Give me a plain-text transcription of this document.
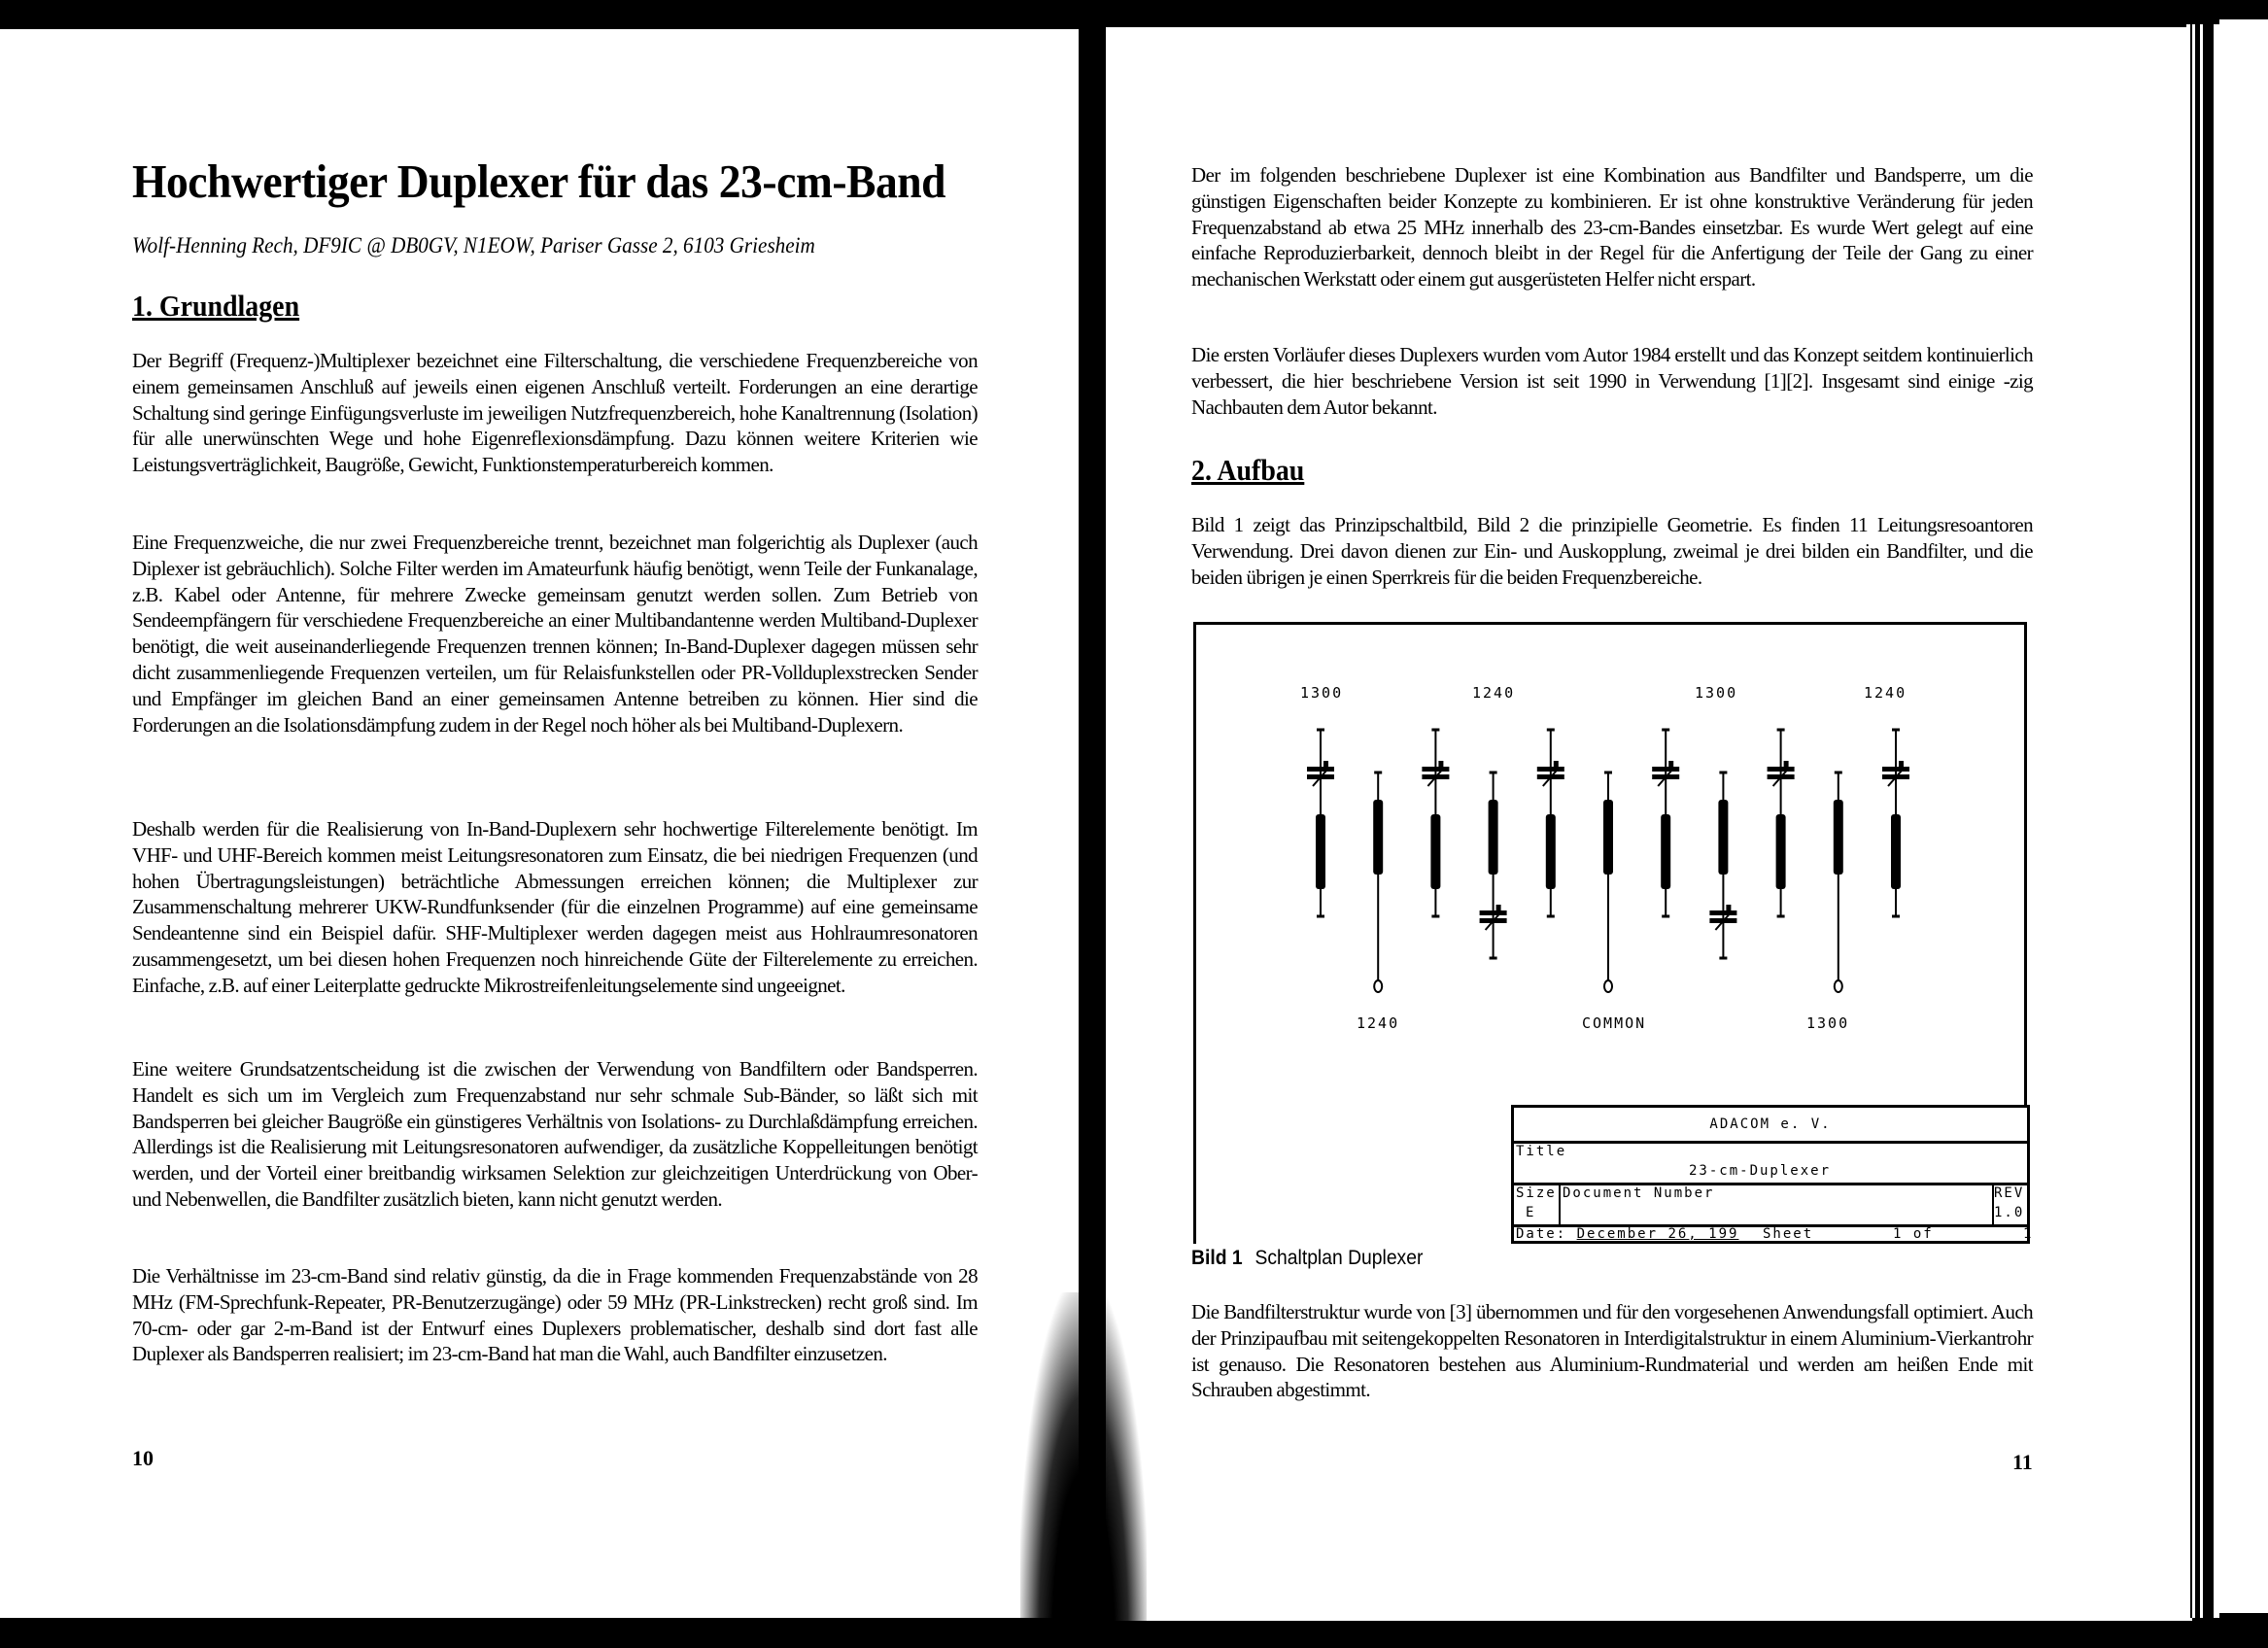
Hochwertiger Duplexer für das 23-cm-Band
Wolf-Henning Rech, DF9IC @ DB0GV, N1EOW, Pariser Gasse 2, 6103 Griesheim
1. Grundlagen
Der Begriff (Frequenz-)Multiplexer bezeichnet eine Filterschaltung, die verschiedene Frequenzbereiche von einem gemeinsamen Anschluß auf jeweils einen eigenen Anschluß verteilt. Forderungen an eine derartige Schaltung sind geringe Einfügungsverluste im jeweiligen Nutzfrequenzbereich, hohe Kanaltrennung (Isolation) für alle unerwünschten Wege und hohe Eigenreflexionsdämpfung. Dazu können weitere Kriterien wie Leistungsverträglichkeit, Baugröße, Gewicht, Funktionstemperaturbereich kommen.
Eine Frequenzweiche, die nur zwei Frequenzbereiche trennt, bezeichnet man folgerichtig als Duplexer (auch Diplexer ist gebräuchlich). Solche Filter werden im Amateurfunk häufig benötigt, wenn Teile der Funkanalage, z.B. Kabel oder Antenne, für mehrere Zwecke gemeinsam genutzt werden sollen. Zum Betrieb von Sendeempfängern für verschiedene Frequenzbereiche an einer Multibandantenne werden Multiband-Duplexer benötigt, die weit auseinanderliegende Frequenzen trennen können; In-Band-Duplexer dagegen müssen sehr dicht zusammenliegende Frequenzen verteilen, um für Relaisfunkstellen oder PR-Vollduplexstrecken Sender und Empfänger im gleichen Band an einer gemeinsamen Antenne betreiben zu können. Hier sind die Forderungen an die Isolationsdämpfung zudem in der Regel noch höher als bei Multiband-Duplexern.
Deshalb werden für die Realisierung von In-Band-Duplexern sehr hochwertige Filterelemente benötigt. Im VHF- und UHF-Bereich kommen meist Leitungsresonatoren zum Einsatz, die bei niedrigen Frequenzen (und hohen Übertragungsleistungen) beträchtliche Abmessungen erreichen können; die Multiplexer zur Zusammenschaltung mehrerer UKW-Rundfunksender (für die einzelnen Programme) auf eine gemeinsame Sendeantenne sind ein Beispiel dafür. SHF-Multiplexer werden dagegen meist aus Hohlraumresonatoren zusammengesetzt, um bei diesen hohen Frequenzen noch hinreichende Güte der Filterelemente zu erreichen. Einfache, z.B. auf einer Leiterplatte gedruckte Mikrostreifenleitungselemente sind ungeeignet.
Eine weitere Grundsatzentscheidung ist die zwischen der Verwendung von Bandfiltern oder Bandsperren. Handelt es sich um im Vergleich zum Frequenzabstand nur sehr schmale Sub-Bänder, so läßt sich mit Bandsperren bei gleicher Baugröße ein günstigeres Verhältnis von Isolations- zu Durchlaßdämpfung erreichen. Allerdings ist die Realisierung mit Leitungsresonatoren aufwendiger, da zusätzliche Koppelleitungen benötigt werden, und der Vorteil einer breitbandig wirksamen Selektion zur gleichzeitigen Unterdrückung von Ober- und Nebenwellen, die Bandfilter zusätzlich bieten, kann nicht genutzt werden.
Die Verhältnisse im 23-cm-Band sind relativ günstig, da die in Frage kommenden Frequenzabstände von 28 MHz (FM-Sprechfunk-Repeater, PR-Benutzerzugänge) oder 59 MHz (PR-Linkstrecken) recht groß sind. Im 70-cm- oder gar 2-m-Band ist der Entwurf eines Duplexers problematischer, deshalb sind dort fast alle Duplexer als Bandsperren realisiert; im 23-cm-Band hat man die Wahl, auch Bandfilter einzusetzen.
10
Der im folgenden beschriebene Duplexer ist eine Kombination aus Bandfilter und Bandsperre, um die günstigen Eigenschaften beider Konzepte zu kombinieren. Er ist ohne konstruktive Veränderung für jeden Frequenzabstand ab etwa 25 MHz innerhalb des 23-cm-Bandes einsetzbar. Es wurde Wert gelegt auf eine einfache Reproduzierbarkeit, dennoch bleibt in der Regel für die Anfertigung der Teile der Gang zu einer mechanischen Werkstatt oder einem gut ausgerüsteten Helfer nicht erspart.
Die ersten Vorläufer dieses Duplexers wurden vom Autor 1984 erstellt und das Konzept seitdem kontinuierlich verbessert, die hier beschriebene Version ist seit 1990 in Verwendung [1][2]. Insgesamt sind einige -zig Nachbauten dem Autor bekannt.
2. Aufbau
Bild 1 zeigt das Prinzipschaltbild, Bild 2 die prinzipielle Geometrie. Es finden 11 Leitungsresoantoren Verwendung. Drei davon dienen zur Ein- und Auskopplung, zweimal je drei bilden ein Bandfilter, und die beiden übrigen je einen Sperrkreis für die beiden Frequenzbereiche.
1300	1240	1300	1240
1240	COMMON	1300
ADACOM e. V.
Title
23-cm-Duplexer
Size
E
Document Number	REV
1.0
Date: December 26, 199 Sheet	1 of	1
Bild 1 Schaltplan Duplexer
Die Bandfilterstruktur wurde von [3] übernommen und für den vorgesehenen Anwendungsfall optimiert. Auch der Prinzipaufbau mit seitengekoppelten Resonatoren in Interdigitalstruktur in einem Aluminium-Vierkantrohr ist genauso. Die Resonatoren bestehen aus Aluminium-Rundmaterial und werden am heißen Ende mit Schrauben abgestimmt.
11
